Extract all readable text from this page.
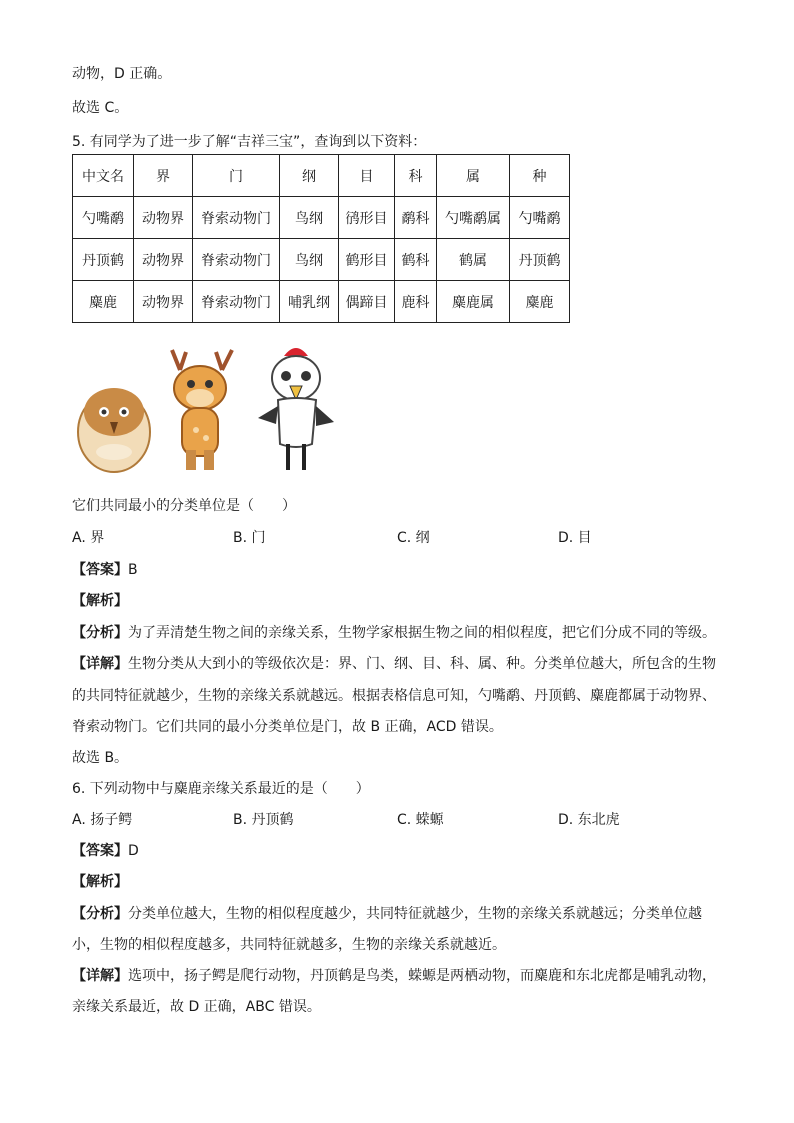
动物，D 正确。
故选 C。
5. 有同学为了进一步了解“吉祥三宝”，查询到以下资料：
中文名	界	门	纲	目	科	属	种
勺嘴鹬	动物界	脊索动物门	鸟纲	鸻形目	鹬科	勺嘴鹬属	勺嘴鹬
丹顶鹤	动物界	脊索动物门	鸟纲	鹤形目	鹤科	鹤属	丹顶鹤
麋鹿	动物界	脊索动物门	哺乳纲	偶蹄目	鹿科	麋鹿属	麋鹿
它们共同最小的分类单位是（　　）
A. 界	B. 门	C. 纲	D. 目
【答案】B
【解析】
【分析】为了弄清楚生物之间的亲缘关系，生物学家根据生物之间的相似程度，把它们分成不同的等级。
【详解】生物分类从大到小的等级依次是：界、门、纲、目、科、属、种。分类单位越大，所包含的生物
的共同特征就越少，生物的亲缘关系就越远。根据表格信息可知，勺嘴鹬、丹顶鹤、麋鹿都属于动物界、
脊索动物门。它们共同的最小分类单位是门，故 B 正确，ACD 错误。
故选 B。
6. 下列动物中与麋鹿亲缘关系最近的是（　　）
A. 扬子鳄	B. 丹顶鹤	C. 蝾螈	D. 东北虎
【答案】D
【解析】
【分析】分类单位越大，生物的相似程度越少，共同特征就越少，生物的亲缘关系就越远；分类单位越
小，生物的相似程度越多，共同特征就越多，生物的亲缘关系就越近。
【详解】选项中，扬子鳄是爬行动物，丹顶鹤是鸟类，蝾螈是两栖动物，而麋鹿和东北虎都是哺乳动物，
亲缘关系最近，故 D 正确，ABC 错误。
